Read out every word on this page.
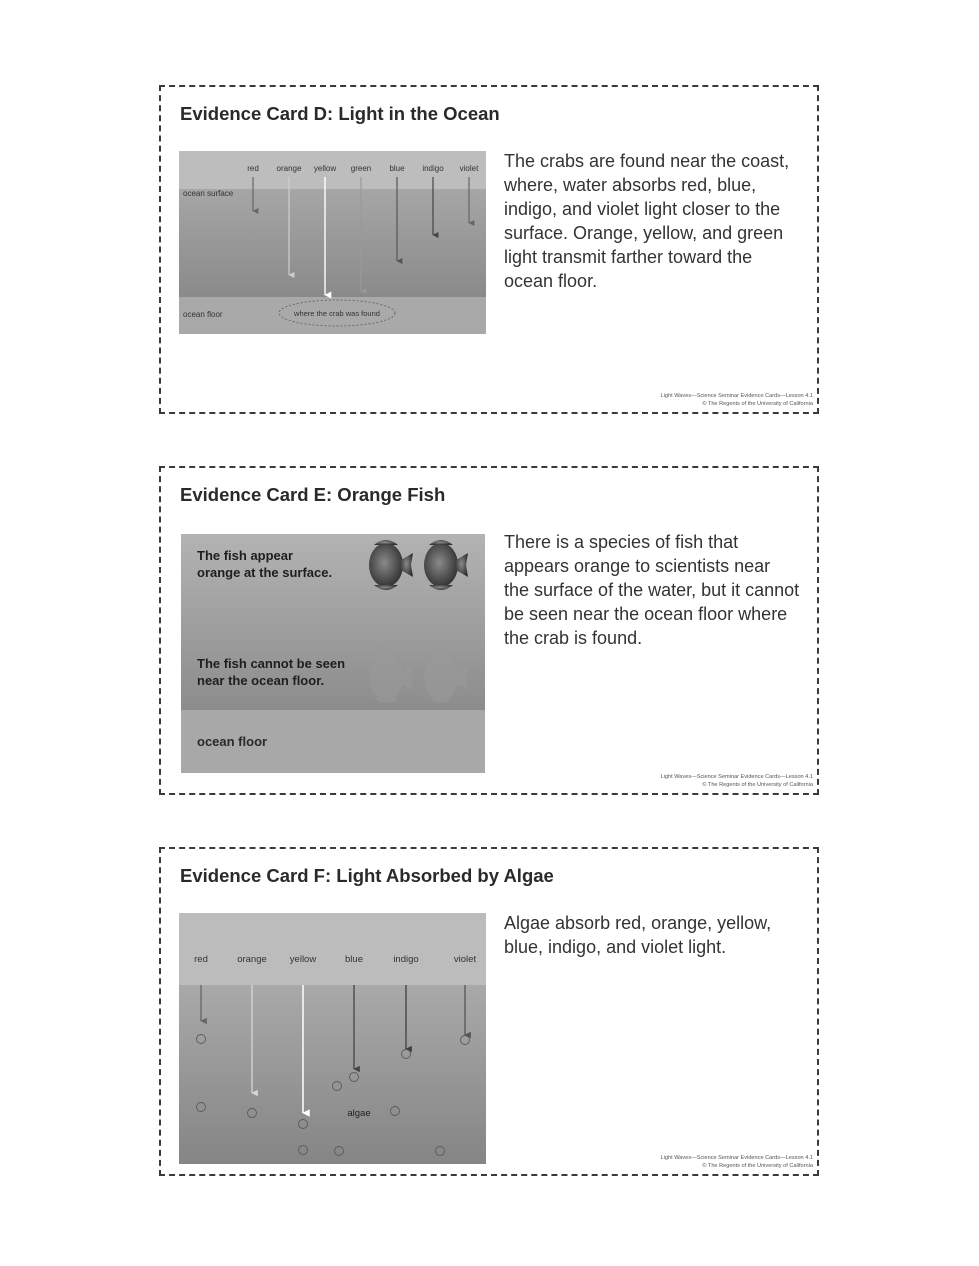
Evidence Card D: Light in the Ocean
red orange yellow green blue indigo violet
ocean surface
ocean floor	where the crab was found

The crabs are found near the coast, where, water absorbs red, blue, indigo, and violet light closer to the surface. Orange, yellow, and green light transmit farther toward the ocean floor.

Light Waves—Science Seminar Evidence Cards—Lesson 4.1
© The Regents of the University of California
Evidence Card E: Orange Fish
The fish appear
orange at the surface.
The fish cannot be seen
near the ocean floor.
ocean floor

There is a species of fish that appears orange to scientists near the surface of the water, but it cannot be seen near the ocean floor where the crab is found.

Light Waves—Science Seminar Evidence Cards—Lesson 4.1
© The Regents of the University of California
Evidence Card F: Light Absorbed by Algae
red	orange yellow	blue	indigo	violet
algae

Algae absorb red, orange, yellow, blue, indigo, and violet light.

Light Waves—Science Seminar Evidence Cards—Lesson 4.1
© The Regents of the University of California
